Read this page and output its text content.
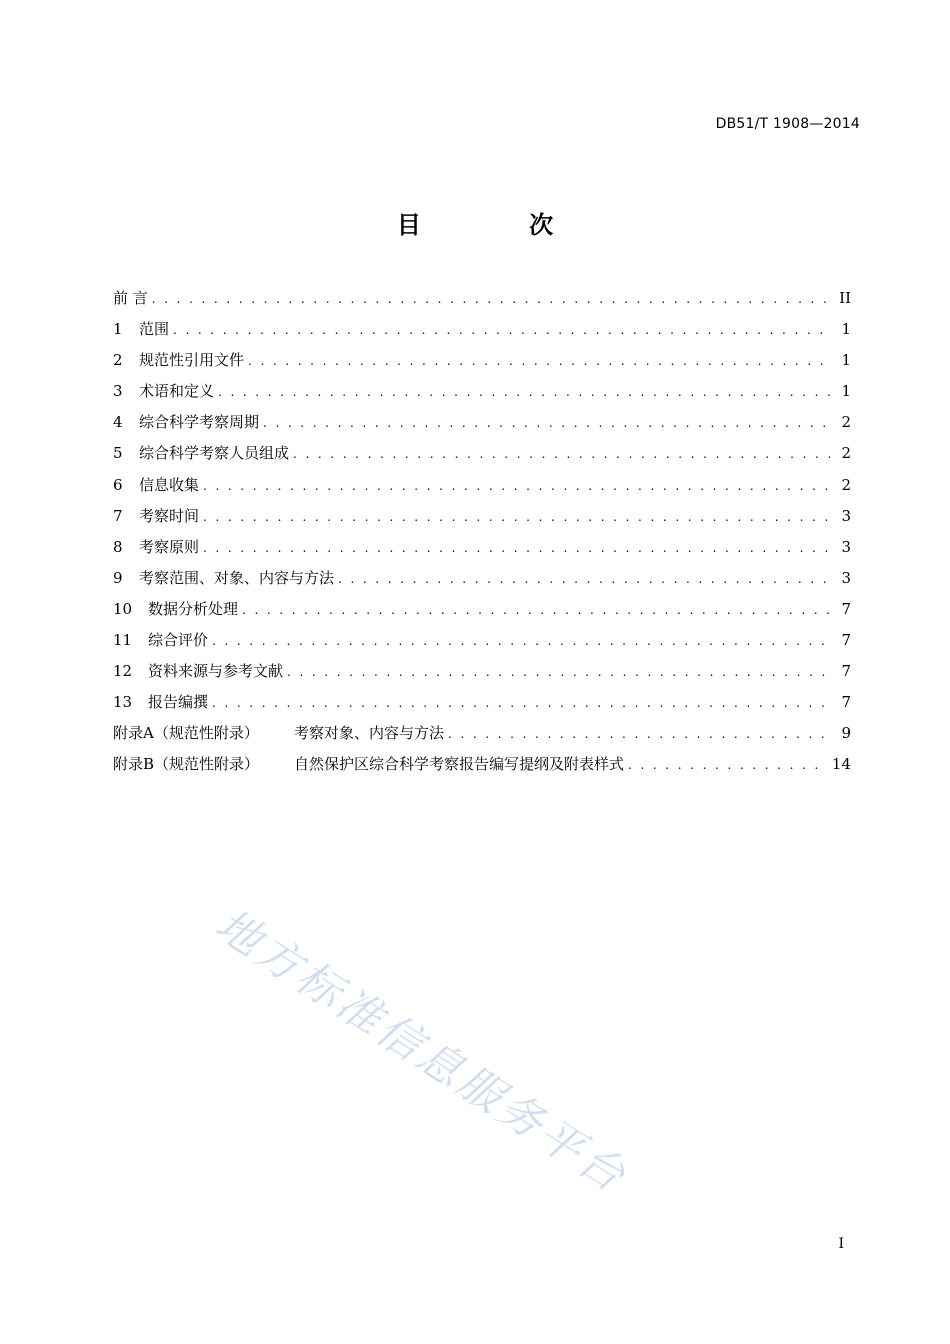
DB51/T 1908—2014
目 次
前 言 . . .	II
1	范围 . . .	1
2	规范性引用文件 . . .	1
3	术语和定义 . . .	1
4	综合科学考察周期 . . .	2
5	综合科学考察人员组成 . . .	2
6	信息收集 . . .	2
7	考察时间 . . .	3
8	考察原则 . . .	3
9	考察范围、对象、内容与方法 . . .	3
10	数据分析处理 . . .	7
11	综合评价 . . .	7
12	资料来源与参考文献 . . .	7
13	报告编撰 . . .	7
附录A（规范性附录）	考察对象、内容与方法 . . .	9
附录B（规范性附录）	自然保护区综合科学考察报告编写提纲及附表样式 . . .	14
地方标准信息服务平台
I
